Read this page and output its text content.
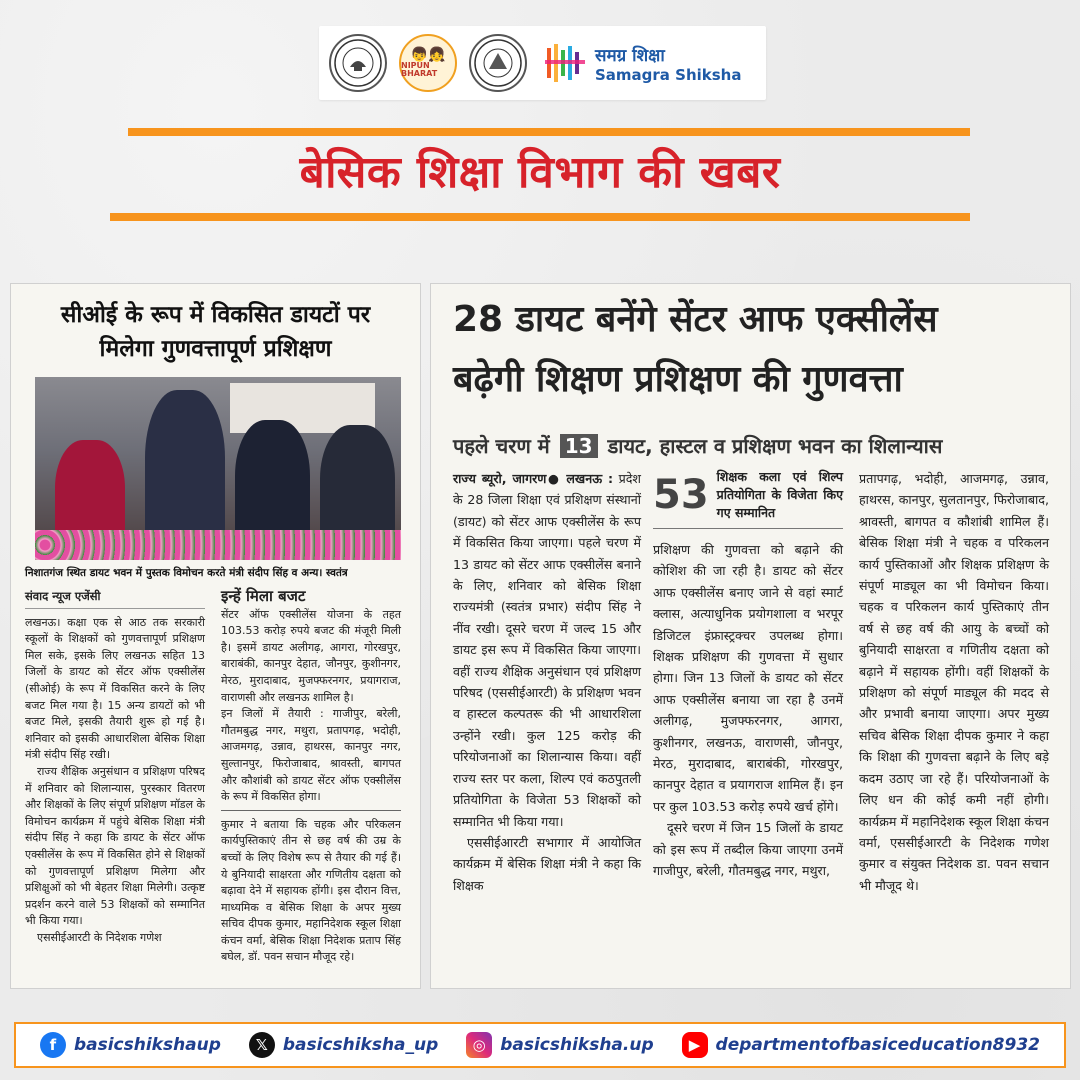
👦👧
NIPUN BHARAT
समग्र शिक्षा
Samagra Shiksha
बेसिक शिक्षा विभाग की खबर
सीओई के रूप में विकसित डायटों पर मिलेगा गुणवत्तापूर्ण प्रशिक्षण
निशातगंज स्थित डायट भवन में पुस्तक विमोचन करते मंत्री संदीप सिंह व अन्य। स्वतंत्र
संवाद न्यूज एजेंसी

लखनऊ। कक्षा एक से आठ तक सरकारी स्कूलों के शिक्षकों को गुणवत्तापूर्ण प्रशिक्षण मिल सके, इसके लिए लखनऊ सहित 13 जिलों के डायट को सेंटर ऑफ एक्सीलेंस (सीओई) के रूप में विकसित करने के लिए बजट मिल गया है। 15 अन्य डायटों को भी बजट मिले, इसकी तैयारी शुरू हो गई है। शनिवार को इसकी आधारशिला बेसिक शिक्षा मंत्री संदीप सिंह रखी।

राज्य शैक्षिक अनुसंधान व प्रशिक्षण परिषद में शनिवार को शिलान्यास, पुरस्कार वितरण और शिक्षकों के लिए संपूर्ण प्रशिक्षण मॉडल के विमोचन कार्यक्रम में पहुंचे बेसिक शिक्षा मंत्री संदीप सिंह ने कहा कि डायट के सेंटर ऑफ एक्सीलेंस के रूप में विकसित होने से शिक्षकों को गुणवत्तापूर्ण प्रशिक्षण मिलेगा और प्रशिक्षुओं को भी बेहतर शिक्षा मिलेगी। उत्कृष्ट प्रदर्शन करने वाले 53 शिक्षकों को सम्मानित भी किया गया।

एससीईआरटी के निदेशक गणेश

इन्हें मिला बजट

सेंटर ऑफ एक्सीलेंस योजना के तहत 103.53 करोड़ रुपये बजट की मंजूरी मिली है। इसमें डायट अलीगढ़, आगरा, गोरखपुर, बाराबंकी, कानपुर देहात, जौनपुर, कुशीनगर, मेरठ, मुरादाबाद, मुजफ्फरनगर, प्रयागराज, वाराणसी और लखनऊ शामिल है।

इन जिलों में तैयारी : गाजीपुर, बरेली, गौतमबुद्ध नगर, मथुरा, प्रतापगढ़, भदोही, आजमगढ़, उन्नाव, हाथरस, कानपुर नगर, सुल्तानपुर, फिरोजाबाद, श्रावस्ती, बागपत और कौशांबी को डायट सेंटर ऑफ एक्सीलेंस के रूप में विकसित होगा।

कुमार ने बताया कि चहक और परिकलन कार्यपुस्तिकाएं तीन से छह वर्ष की उम्र के बच्चों के लिए विशेष रूप से तैयार की गई हैं। ये बुनियादी साक्षरता और गणितीय दक्षता को बढ़ावा देने में सहायक होंगी। इस दौरान वित्त, माध्यमिक व बेसिक शिक्षा के अपर मुख्य सचिव दीपक कुमार, महानिदेशक स्कूल शिक्षा कंचन वर्मा, बेसिक शिक्षा निदेशक प्रताप सिंह बघेल, डॉ. पवन सचान मौजूद रहे।

28 डायट बनेंगे सेंटर आफ एक्सीलेंस
बढ़ेगी शिक्षण प्रशिक्षण की गुणवत्ता
पहले चरण में 13 डायट, हास्टल व प्रशिक्षण भवन का शिलान्यास
राज्य ब्यूरो, जागरण● लखनऊ : प्रदेश के 28 जिला शिक्षा एवं प्रशिक्षण संस्थानों (डायट) को सेंटर आफ एक्सीलेंस के रूप में विकसित किया जाएगा। पहले चरण में 13 डायट को सेंटर आफ एक्सीलेंस बनाने के लिए, शनिवार को बेसिक शिक्षा राज्यमंत्री (स्वतंत्र प्रभार) संदीप सिंह ने नींव रखी। दूसरे चरण में जल्द 15 और डायट इस रूप में विकसित किया जाएगा। वहीं राज्य शैक्षिक अनुसंधान एवं प्रशिक्षण परिषद (एससीईआरटी) के प्रशिक्षण भवन व हास्टल कल्पतरू की भी आधारशिला उन्होंने रखी। कुल 125 करोड़ की परियोजनाओं का शिलान्यास किया। वहीं राज्य स्तर पर कला, शिल्प एवं कठपुतली प्रतियोगिता के विजेता 53 शिक्षकों को सम्मानित भी किया गया।

एससीईआरटी सभागार में आयोजित कार्यक्रम में बेसिक शिक्षा मंत्री ने कहा कि शिक्षक

53 शिक्षक कला एवं शिल्प प्रतियोगिता के विजेता किए गए सम्मानित

प्रशिक्षण की गुणवत्ता को बढ़ाने की कोशिश की जा रही है। डायट को सेंटर आफ एक्सीलेंस बनाए जाने से वहां स्मार्ट क्लास, अत्याधुनिक प्रयोगशाला व भरपूर डिजिटल इंफ्रास्ट्रक्चर उपलब्ध होगा। शिक्षक प्रशिक्षण की गुणवत्ता में सुधार होगा। जिन 13 जिलों के डायट को सेंटर आफ एक्सीलेंस बनाया जा रहा है उनमें अलीगढ़, मुजफ्फरनगर, आगरा, कुशीनगर, लखनऊ, वाराणसी, जौनपुर, मेरठ, मुरादाबाद, बाराबंकी, गोरखपुर, कानपुर देहात व प्रयागराज शामिल हैं। इन पर कुल 103.53 करोड़ रुपये खर्च होंगे।

दूसरे चरण में जिन 15 जिलों के डायट को इस रूप में तब्दील किया जाएगा उनमें गाजीपुर, बरेली, गौतमबुद्ध नगर, मथुरा,

प्रतापगढ़, भदोही, आजमगढ़, उन्नाव, हाथरस, कानपुर, सुलतानपुर, फिरोजाबाद, श्रावस्ती, बागपत व कौशांबी शामिल हैं। बेसिक शिक्षा मंत्री ने चहक व परिकलन कार्य पुस्तिकाओं और शिक्षक प्रशिक्षण के संपूर्ण माड्यूल का भी विमोचन किया। चहक व परिकलन कार्य पुस्तिकाएं तीन वर्ष से छह वर्ष की आयु के बच्चों को बुनियादी साक्षरता व गणितीय दक्षता को बढ़ाने में सहायक होंगी। वहीं शिक्षकों के प्रशिक्षण को संपूर्ण माड्यूल की मदद से और प्रभावी बनाया जाएगा। अपर मुख्य सचिव बेसिक शिक्षा दीपक कुमार ने कहा कि शिक्षा की गुणवत्ता बढ़ाने के लिए बड़े कदम उठाए जा रहे हैं। परियोजनाओं के लिए धन की कोई कमी नहीं होगी। कार्यक्रम में महानिदेशक स्कूल शिक्षा कंचन वर्मा, एससीईआरटी के निदेशक गणेश कुमार व संयुक्त निदेशक डा. पवन सचान भी मौजूद थे।

f	basicshikshaup	𝕏 basicshiksha_up	◎ basicshiksha.up	▶ departmentofbasiceducation8932
